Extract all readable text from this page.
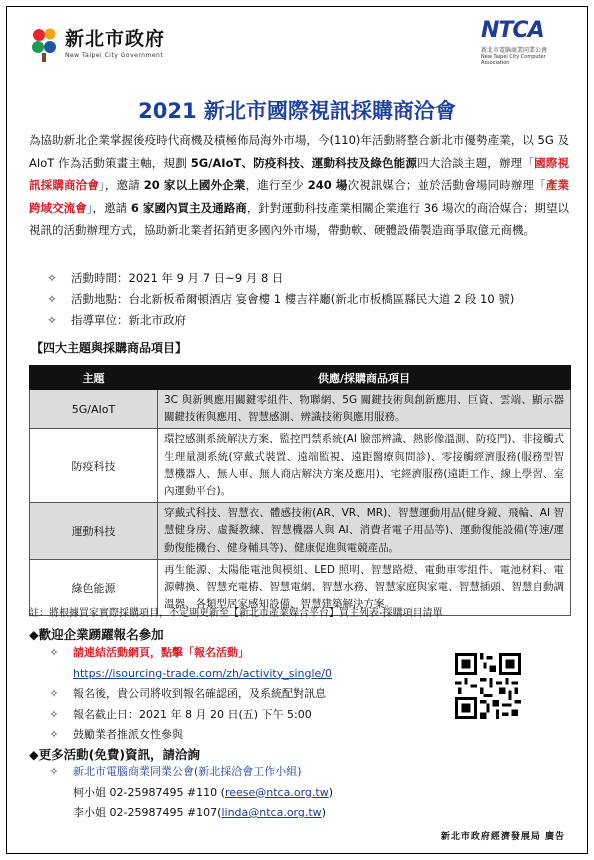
新北市政府
New Taipei City Government
NTCA
新北市電腦商業同業公會
New Taipei City Computer Association
2021 新北市國際視訊採購商洽會
為協助新北企業掌握後疫時代商機及積極佈局海外市場，今(110)年活動將整合新北市優勢產業，以 5G 及 AIoT 作為活動策畫主軸，規劃 5G/AIoT、防疫科技、運動科技及綠色能源四大洽談主題，辦理「國際視訊採購商洽會」，邀請 20 家以上國外企業，進行至少 240 場次視訊媒合；並於活動會場同時辦理「產業跨域交流會」，邀請 6 家國內買主及通路商，針對運動科技產業相關企業進行 36 場次的商洽媒合；期望以視訊的活動辦理方式，協助新北業者拓銷更多國內外市場，帶動軟、硬體設備製造商爭取億元商機。
✧ 活動時間：2021 年 9 月 7 日~9 月 8 日
✧ 活動地點：台北新板希爾頓酒店 宴會樓 1 樓吉祥廳(新北市板橋區縣民大道 2 段 10 號)
✧ 指導單位：新北市政府
【四大主題與採購商品項目】
主題	供應/採購商品項目
5G/AIoT	3C 與新興應用關鍵零組件、物聯網、5G 關鍵技術與創新應用、巨資、雲端、顯示器關鍵技術與應用、智慧感測、辨識技術與應用服務。
防疫科技	環控感測系統解決方案、監控門禁系統(AI 臉部辨識、熱影像溫測、防疫門)、非接觸式生理量測系統(穿戴式裝置、遠端監視、遠距醫療與問診)、零接觸經濟服務(服務型智慧機器人、無人車、無人商店解決方案及應用)、宅經濟服務(遠距工作、線上學習、室內運動平台)。
運動科技	穿戴式科技、智慧衣、體感技術(AR、VR、MR)、智慧運動用品(健身鏡、飛輪、AI 智慧健身房、虛擬教練、智慧機器人與 AI、消費者電子用品等)、運動復能設備(等速/運動復能機台、健身輔具等)、健康促進與電競產品。
綠色能源	再生能源、太陽能電池與模組、LED 照明、智慧路燈、電動車零組件、電池材料、電源轉換、智慧充電樁、智慧電網、智慧水務、智慧家庭與家電、智慧插頭、智慧自動調溫器、各類型居家感知設備、智慧建築解決方案。
註：將根據買家實際採購項目，不定期更新至【新北市產業媒合平台】買主列表-採購項目清單
◆歡迎企業踴躍報名參加
✧ 請連結活動網頁，點擊「報名活動」
https://isourcing-trade.com/zh/activity_single/0
✧ 報名後，貴公司將收到報名確認函，及系統配對訊息
✧ 報名截止日：2021 年 8 月 20 日(五) 下午 5:00
✧ 鼓勵業者推派女性參與
◆更多活動(免費)資訊，請洽詢
✧ 新北市電腦商業同業公會(新北採洽會工作小組)
柯小姐 02-25987495 #110 (reese@ntca.org.tw)
李小姐 02-25987495 #107(linda@ntca.org.tw)
新北市政府經濟發展局 廣告
